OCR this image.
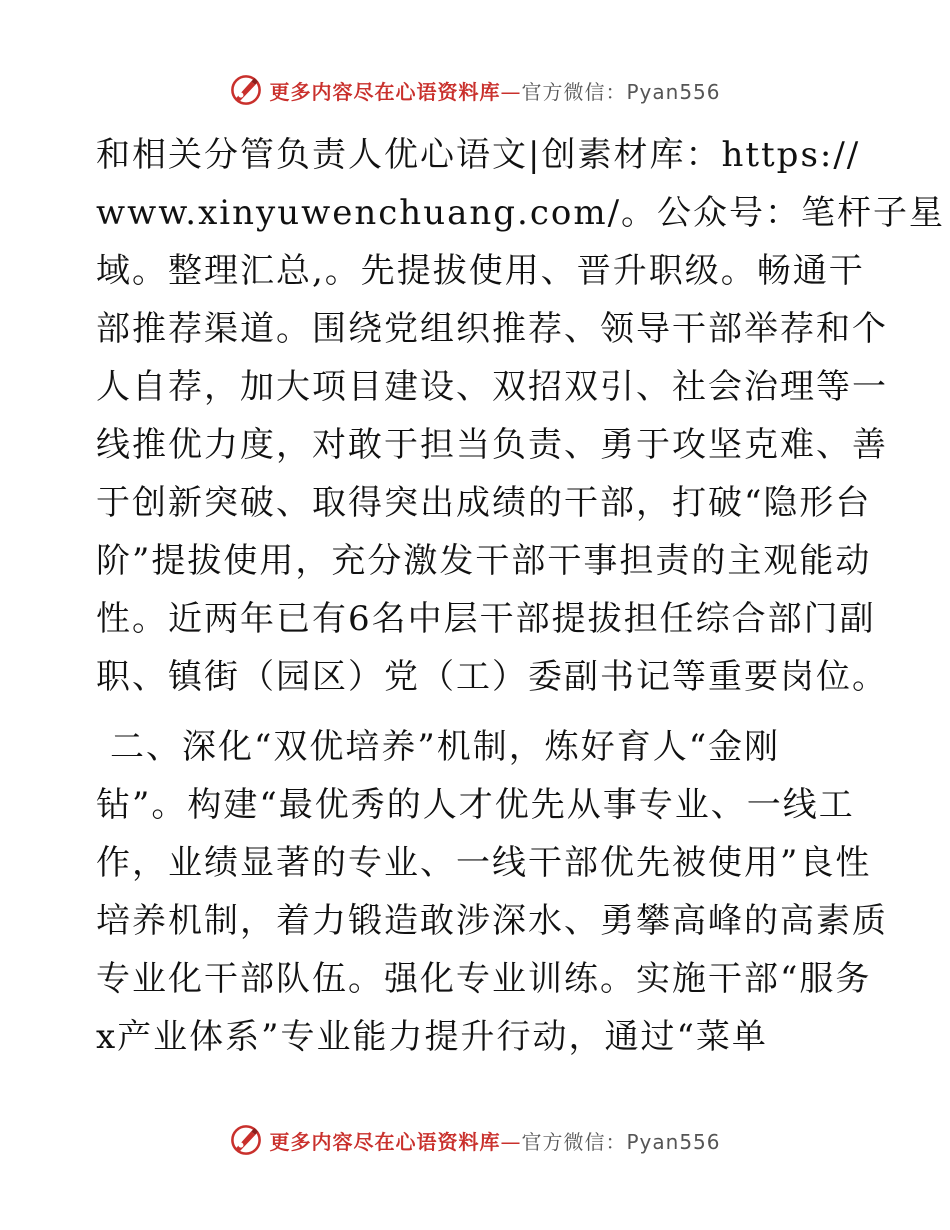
更多内容尽在心语资料库—官方微信：Pyan556
和相关分管负责人优心语文|创素材库：https://
www.xinyuwenchuang.com/。公众号：笔杆子星
域。整理汇总,。先提拔使用、晋升职级。畅通干
部推荐渠道。围绕党组织推荐、领导干部举荐和个
人自荐，加大项目建设、双招双引、社会治理等一
线推优力度，对敢于担当负责、勇于攻坚克难、善
于创新突破、取得突出成绩的干部，打破“隐形台
阶”提拔使用，充分激发干部干事担责的主观能动
性。近两年已有6名中层干部提拔担任综合部门副
职、镇街（园区）党（工）委副书记等重要岗位。
二、深化“双优培养”机制，炼好育人“金刚
钻”。构建“最优秀的人才优先从事专业、一线工
作，业绩显著的专业、一线干部优先被使用”良性
培养机制，着力锻造敢涉深水、勇攀高峰的高素质
专业化干部队伍。强化专业训练。实施干部“服务
x产业体系”专业能力提升行动，通过“菜单
更多内容尽在心语资料库—官方微信：Pyan556
